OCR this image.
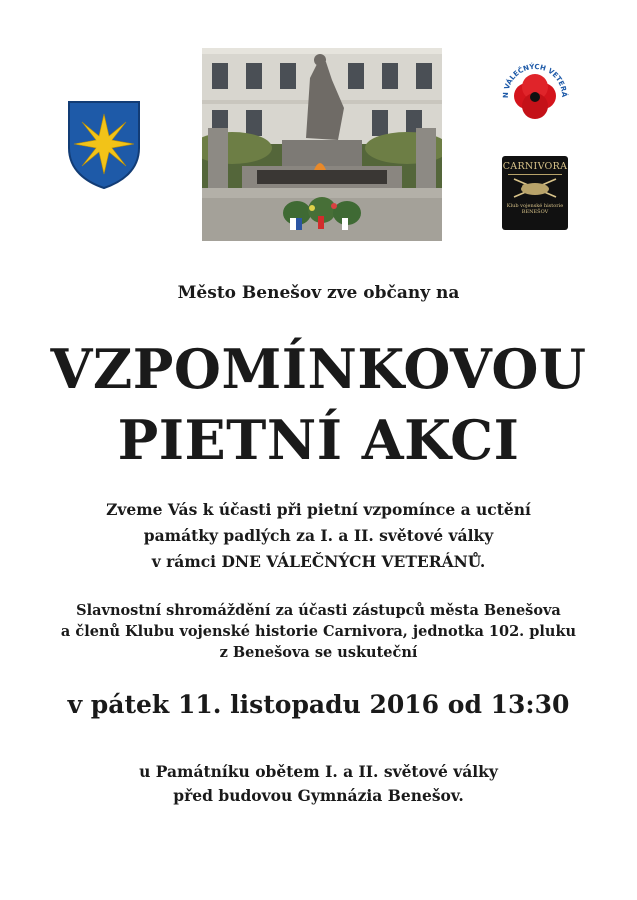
N VÁLEČNÝCH VETERÁ
CARNIVORA
Klub vojenské historie
BENEŠOV
Město Benešov zve občany na
VZPOMÍNKOVOU
PIETNÍ AKCI
Zveme Vás k účasti při pietní vzpomínce a uctění
památky padlých za I. a II. světové války
v rámci DNE VÁLEČNÝCH VETERÁNŮ.
Slavnostní shromáždění za účasti zástupců města Benešova
a členů Klubu vojenské historie Carnivora, jednotka 102. pluku
z Benešova se uskuteční
v pátek 11. listopadu 2016 od 13:30
u Památníku obětem I. a II. světové války
před budovou Gymnázia Benešov.
